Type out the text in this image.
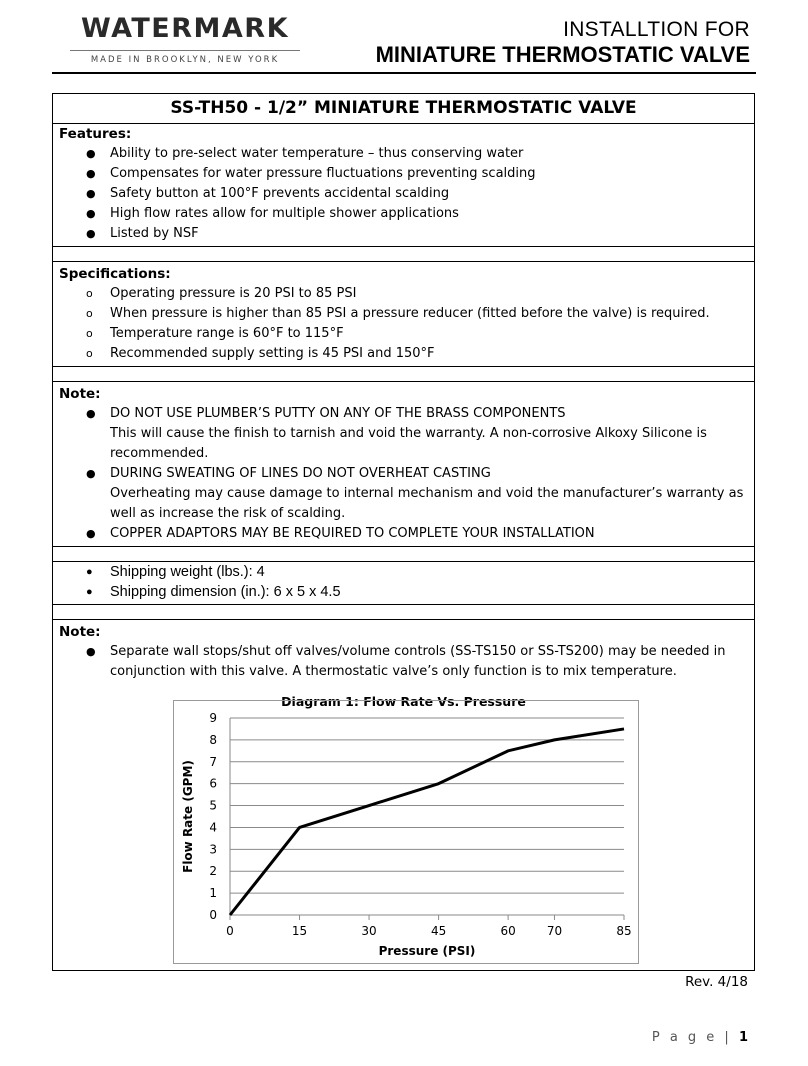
WATERMARK
MADE IN BROOKLYN, NEW YORK
INSTALLTION FOR
MINIATURE THERMOSTATIC VALVE
SS-TH50 - 1/2” MINIATURE THERMOSTATIC VALVE
Features:
● Ability to pre-select water temperature – thus conserving water
● Compensates for water pressure fluctuations preventing scalding
● Safety button at 100°F prevents accidental scalding
● High flow rates allow for multiple shower applications
● Listed by NSF
Specifications:
o Operating pressure is 20 PSI to 85 PSI
o When pressure is higher than 85 PSI a pressure reducer (fitted before the valve) is required.
o Temperature range is 60°F to 115°F
o Recommended supply setting is 45 PSI and 150°F
Note:
● DO NOT USE PLUMBER’S PUTTY ON ANY OF THE BRASS COMPONENTS
This will cause the finish to tarnish and void the warranty. A non-corrosive Alkoxy Silicone is recommended.
● DURING SWEATING OF LINES DO NOT OVERHEAT CASTING
Overheating may cause damage to internal mechanism and void the manufacturer’s warranty as well as increase the risk of scalding.
● COPPER ADAPTORS MAY BE REQUIRED TO COMPLETE YOUR INSTALLATION
● Shipping weight (lbs.): 4
● Shipping dimension (in.): 6 x 5 x 4.5
Note:
● Separate wall stops/shut off valves/volume controls (SS-TS150 or SS-TS200) may be needed in conjunction with this valve. A thermostatic valve’s only function is to mix temperature.
Diagram 1: Flow Rate Vs. Pressure
0
1
2
3
4
5
6
7
8
9
0	15	30	45	60	70	85
Pressure (PSI)
Flow Rate (GPM)
Rev. 4/18
P a g e | 1
